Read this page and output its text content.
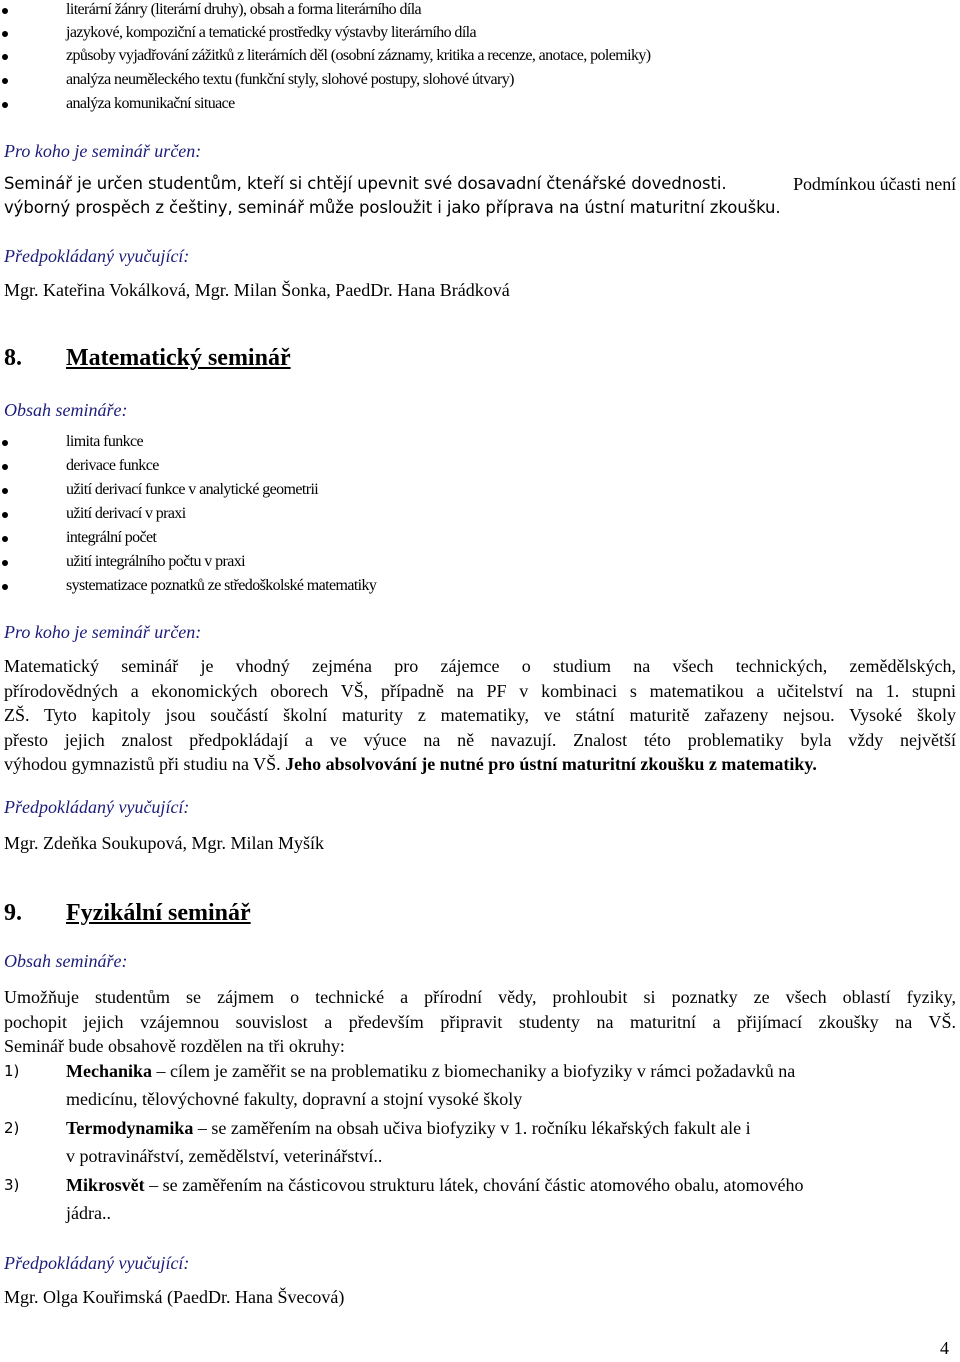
literární žánry (literární druhy), obsah a forma literárního díla
jazykové, kompoziční a tematické prostředky výstavby literárního díla
způsoby vyjadřování zážitků z literárních děl (osobní záznamy, kritika a recenze, anotace, polemiky)
analýza neuměleckého textu (funkční styly, slohové postupy, slohové útvary)
analýza komunikační situace
Pro koho je seminář určen:
Seminář je určen studentům, kteří si chtějí upevnit své dosavadní čtenářské dovednosti.	Podmínkou účasti není
výborný prospěch z češtiny, seminář může posloužit i jako příprava na ústní maturitní zkoušku.
Předpokládaný vyučující:
Mgr. Kateřina Vokálková, Mgr. Milan Šonka, PaedDr. Hana Brádková
8. Matematický seminář
Obsah semináře:
limita funkce
derivace funkce
užití derivací funkce v analytické geometrii
užití derivací v praxi
integrální počet
užití integrálního počtu v praxi
systematizace poznatků ze středoškolské matematiky
Pro koho je seminář určen:
Matematický seminář je vhodný zejména pro zájemce o studium na všech technických, zemědělských,
přírodovědných a ekonomických oborech VŠ, případně na PF v kombinaci s matematikou a učitelství na 1. stupni
ZŠ. Tyto kapitoly jsou součástí školní maturity z matematiky, ve státní maturitě zařazeny nejsou. Vysoké školy
přesto jejich znalost předpokládají a ve výuce na ně navazují. Znalost této problematiky byla vždy největší
výhodou gymnazistů při studiu na VŠ. Jeho absolvování je nutné pro ústní maturitní zkoušku z matematiky.
Předpokládaný vyučující:
Mgr. Zdeňka Soukupová, Mgr. Milan Myšík
9. Fyzikální seminář
Obsah semináře:
Umožňuje studentům se zájmem o technické a přírodní vědy, prohloubit si poznatky ze všech oblastí fyziky,
pochopit jejich vzájemnou souvislost a především připravit studenty na maturitní a přijímací zkoušky na VŠ.
Seminář bude obsahově rozdělen na tři okruhy:
1)	Mechanika – cílem je zaměřit se na problematiku z biomechaniky a biofyziky v rámci požadavků na
medicínu, tělovýchovné fakulty, dopravní a stojní vysoké školy
2)	Termodynamika – se zaměřením na obsah učiva biofyziky v 1. ročníku lékařských fakult ale i
v potravinářství, zemědělství, veterinářství..
3)	Mikrosvět – se zaměřením na částicovou strukturu látek, chování částic atomového obalu, atomového
jádra..
Předpokládaný vyučující:
Mgr. Olga Kouřimská (PaedDr. Hana Švecová)
4
